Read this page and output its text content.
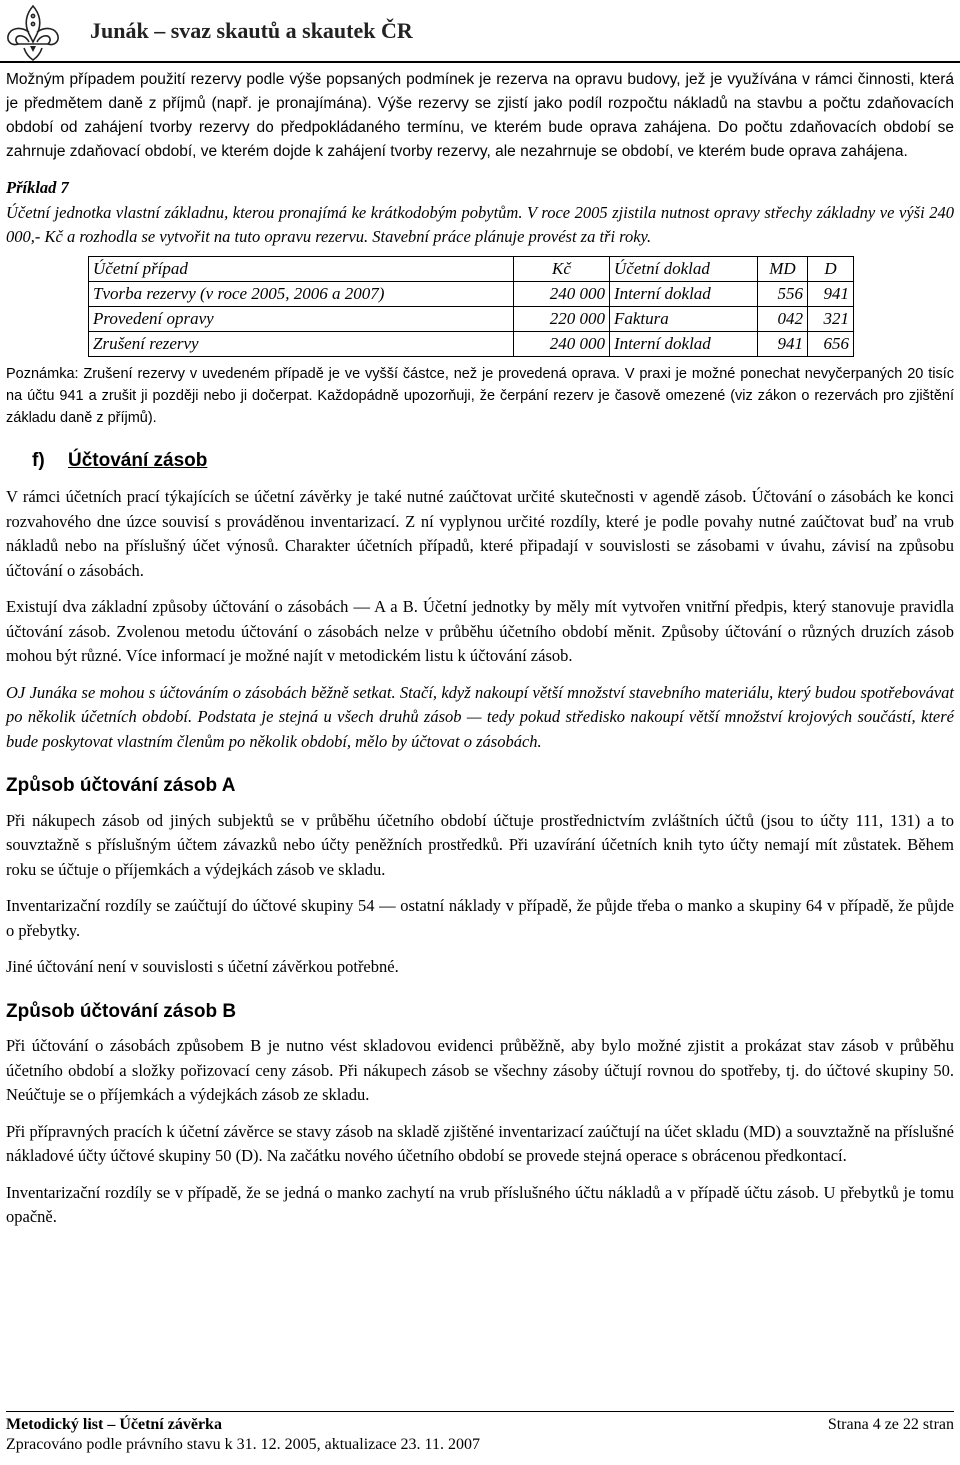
Junák – svaz skautů a skautek ČR

Možným případem použití rezervy podle výše popsaných podmínek je rezerva na opravu budovy, jež je využívána v rámci činnosti, která je předmětem daně z příjmů (např. je pronajímána). Výše rezervy se zjistí jako podíl rozpočtu nákladů na stavbu a počtu zdaňovacích období od zahájení tvorby rezervy do předpokládaného termínu, ve kterém bude oprava zahájena. Do počtu zdaňovacích období se zahrnuje zdaňovací období, ve kterém dojde k zahájení tvorby rezervy, ale nezahrnuje se období, ve kterém bude oprava zahájena.

Příklad 7

Účetní jednotka vlastní základnu, kterou pronajímá ke krátkodobým pobytům. V roce 2005 zjistila nutnost opravy střechy základny ve výši 240 000,- Kč a rozhodla se vytvořit na tuto opravu rezervu. Stavební práce plánuje provést za tři roky.

Účetní případ	Kč	Účetní doklad	MD	D
Tvorba rezervy (v roce 2005, 2006 a 2007)	240 000	Interní doklad	556	941
Provedení opravy	220 000	Faktura	042	321
Zrušení rezervy	240 000	Interní doklad	941	656

Poznámka: Zrušení rezervy v uvedeném případě je ve vyšší částce, než je provedená oprava. V praxi je možné ponechat nevyčerpaných 20 tisíc na účtu 941 a zrušit ji později nebo ji dočerpat. Každopádně upozorňuji, že čerpání rezerv je časově omezené (viz zákon o rezervách pro zjištění základu daně z příjmů).

f) Účtování zásob

V rámci účetních prací týkajících se účetní závěrky je také nutné zaúčtovat určité skutečnosti v agendě zásob. Účtování o zásobách ke konci rozvahového dne úzce souvisí s prováděnou inventarizací. Z ní vyplynou určité rozdíly, které je podle povahy nutné zaúčtovat buď na vrub nákladů nebo na příslušný účet výnosů. Charakter účetních případů, které připadají v souvislosti se zásobami v úvahu, závisí na způsobu účtování o zásobách.

Existují dva základní způsoby účtování o zásobách — A a B. Účetní jednotky by měly mít vytvořen vnitřní předpis, který stanovuje pravidla účtování zásob. Zvolenou metodu účtování o zásobách nelze v průběhu účetního období měnit. Způsoby účtování o různých druzích zásob mohou být různé. Více informací je možné najít v metodickém listu k účtování zásob.

OJ Junáka se mohou s účtováním o zásobách běžně setkat. Stačí, když nakoupí větší množství stavebního materiálu, který budou spotřebovávat po několik účetních období. Podstata je stejná u všech druhů zásob — tedy pokud středisko nakoupí větší množství krojových součástí, které bude poskytovat vlastním členům po několik období, mělo by účtovat o zásobách.

Způsob účtování zásob A

Při nákupech zásob od jiných subjektů se v průběhu účetního období účtuje prostřednictvím zvláštních účtů (jsou to účty 111, 131) a to souvztažně s příslušným účtem závazků nebo účty peněžních prostředků. Při uzavírání účetních knih tyto účty nemají mít zůstatek. Během roku se účtuje o příjemkách a výdejkách zásob ve skladu.

Inventarizační rozdíly se zaúčtují do účtové skupiny 54 — ostatní náklady v případě, že půjde třeba o manko a skupiny 64 v případě, že půjde o přebytky.

Jiné účtování není v souvislosti s účetní závěrkou potřebné.

Způsob účtování zásob B

Při účtování o zásobách způsobem B je nutno vést skladovou evidenci průběžně, aby bylo možné zjistit a prokázat stav zásob v průběhu účetního období a složky pořizovací ceny zásob. Při nákupech zásob se všechny zásoby účtují rovnou do spotřeby, tj. do účtové skupiny 50. Neúčtuje se o příjemkách a výdejkách zásob ze skladu.

Při přípravných pracích k účetní závěrce se stavy zásob na skladě zjištěné inventarizací zaúčtují na účet skladu (MD) a souvztažně na příslušné nákladové účty účtové skupiny 50 (D). Na začátku nového účetního období se provede stejná operace s obrácenou předkontací.

Inventarizační rozdíly se v případě, že se jedná o manko zachytí na vrub příslušného účtu nákladů a v případě účtu zásob. U přebytků je tomu opačně.

Metodický list – Účetní závěrka	Strana 4 ze 22 stran
Zpracováno podle právního stavu k 31. 12. 2005, aktualizace 23. 11. 2007
